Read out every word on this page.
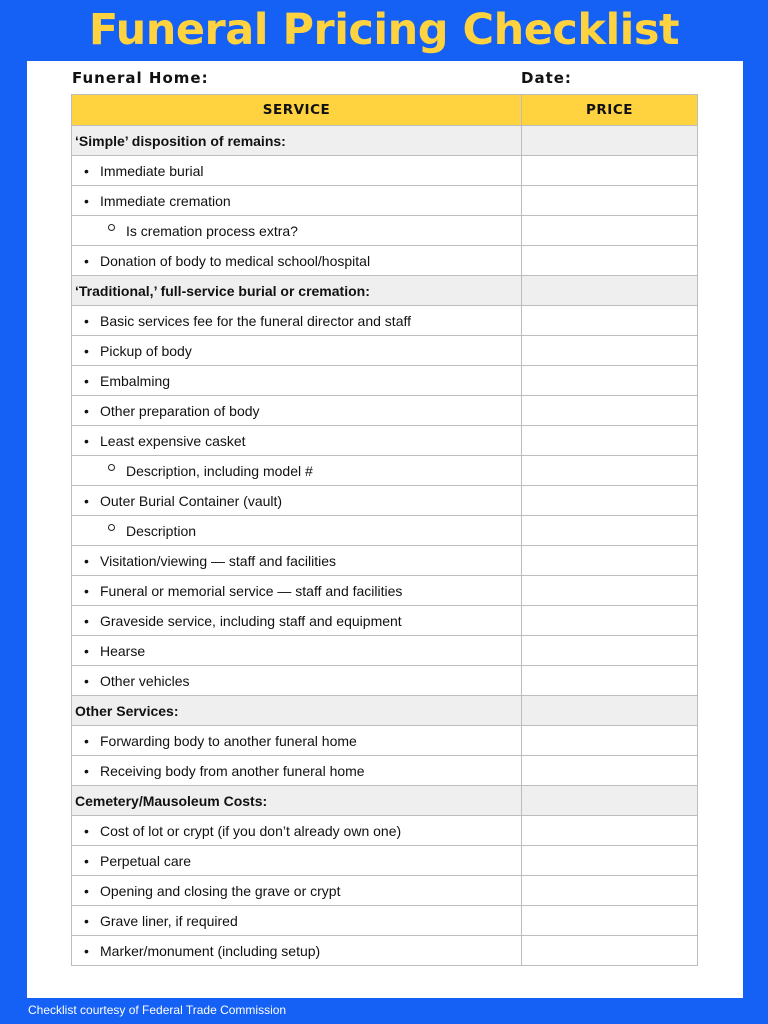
Funeral Pricing Checklist
Funeral Home:	Date:
SERVICE	PRICE
‘Simple’ disposition of remains:	

• Immediate burial	

• Immediate cremation	

Is cremation process extra?	

• Donation of body to medical school/hospital	

‘Traditional,’ full-service burial or cremation:	

• Basic services fee for the funeral director and staff	

• Pickup of body	

• Embalming	

• Other preparation of body	

• Least expensive casket	

Description, including model #	

• Outer Burial Container (vault)	

Description	

• Visitation/viewing — staff and facilities	

• Funeral or memorial service — staff and facilities	

• Graveside service, including staff and equipment	

• Hearse	

• Other vehicles	

Other Services:	

• Forwarding body to another funeral home	

• Receiving body from another funeral home	

Cemetery/Mausoleum Costs:	

• Cost of lot or crypt (if you don’t already own one)	

• Perpetual care	

• Opening and closing the grave or crypt	

• Grave liner, if required	

• Marker/monument (including setup)	

Checklist courtesy of Federal Trade Commission
